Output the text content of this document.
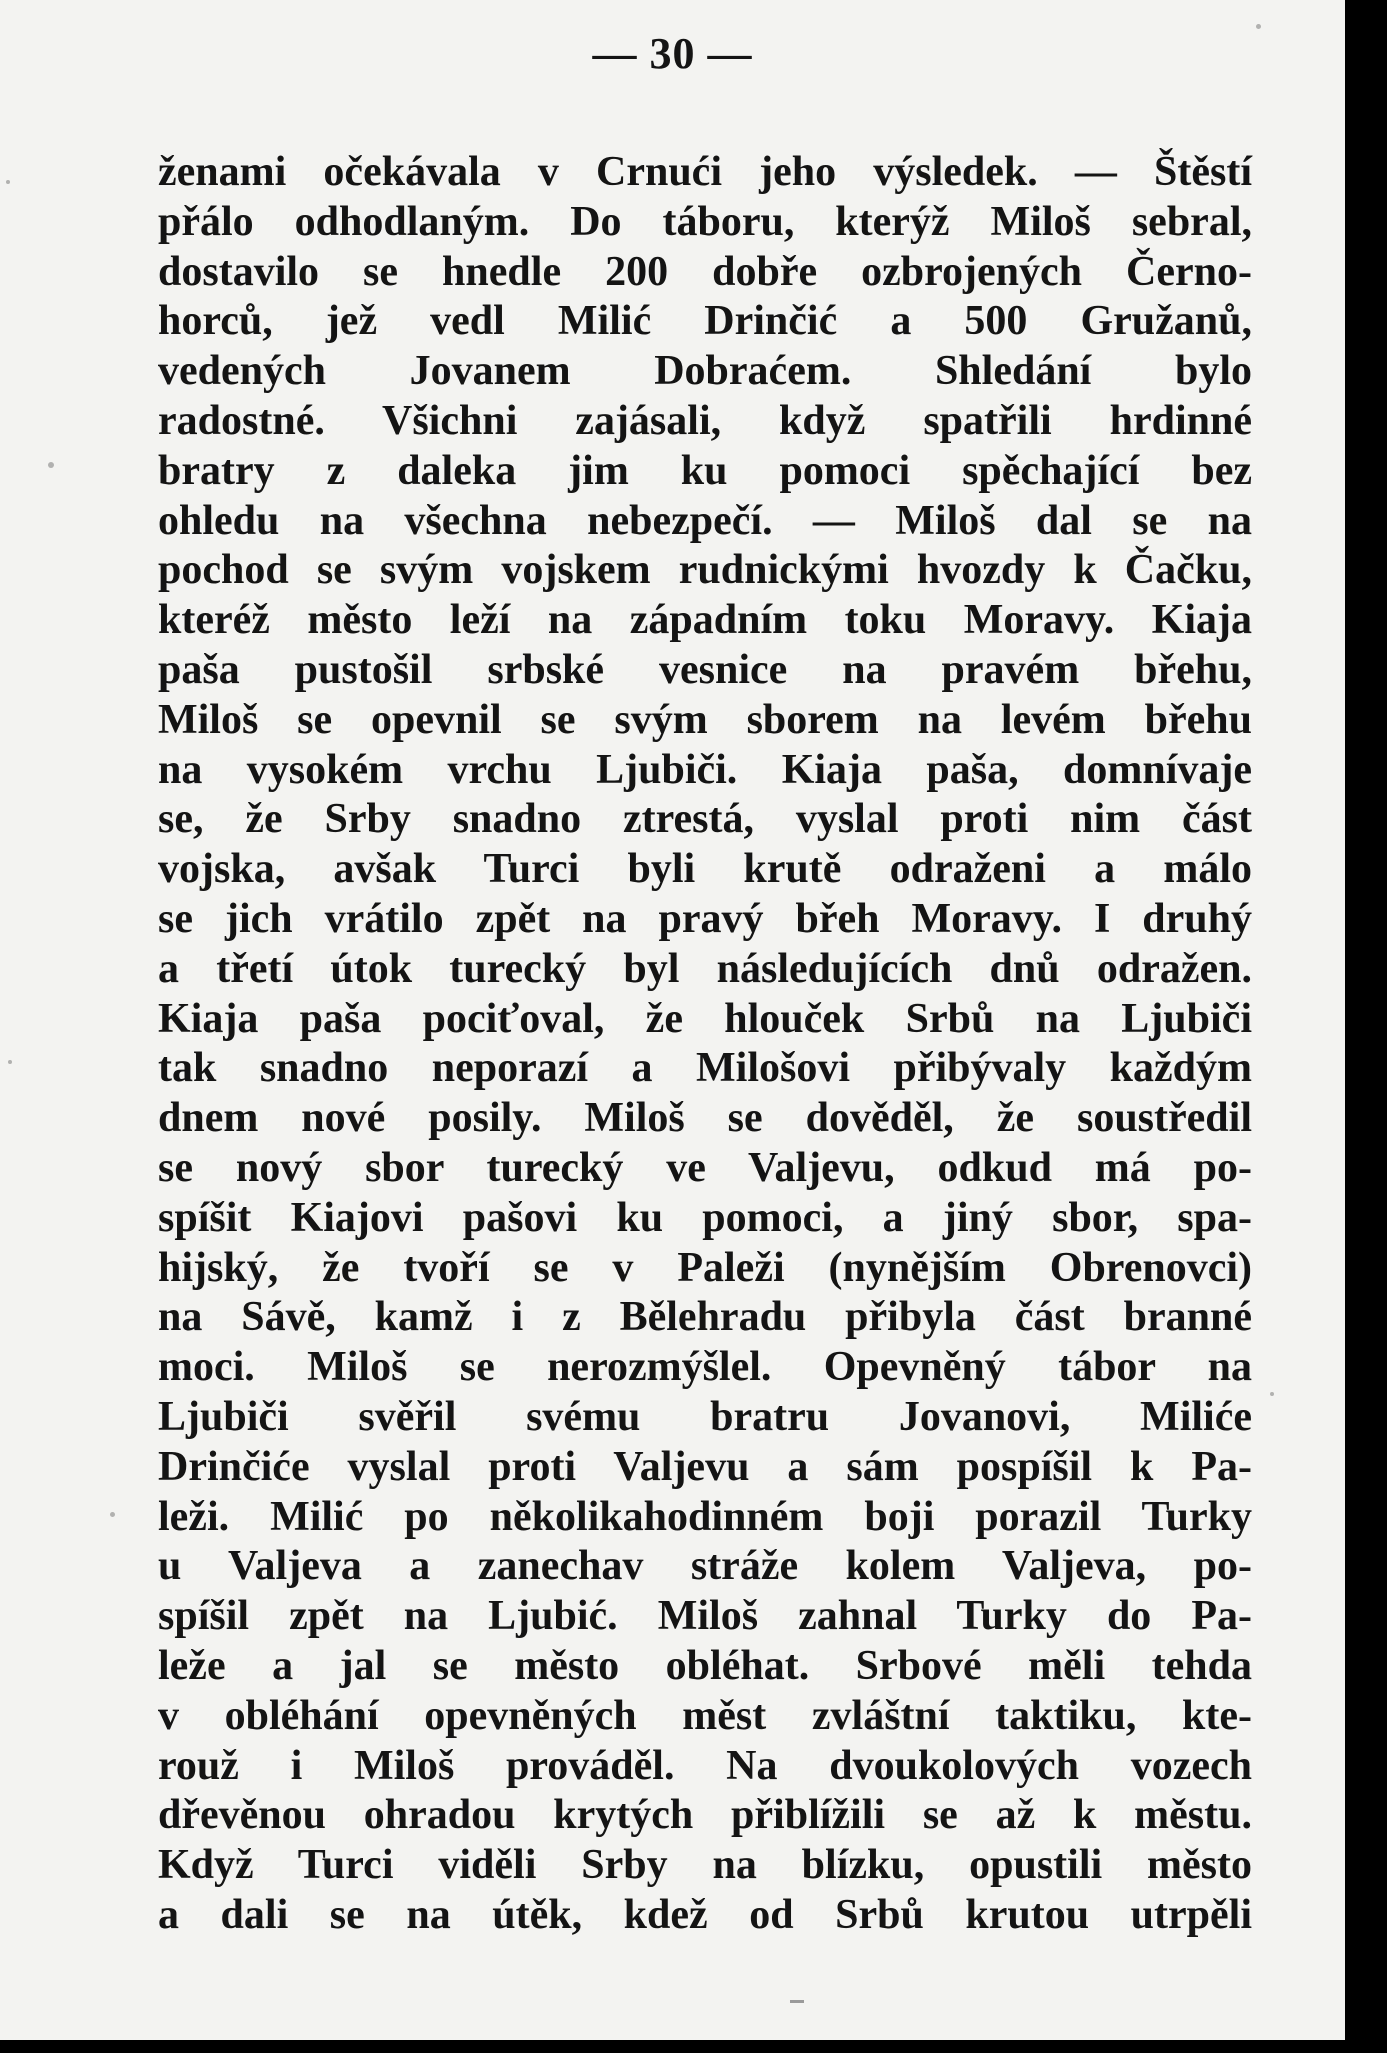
— 30 —
ženami očekávala v Crnući jeho výsledek. — Štěstí
přálo odhodlaným. Do táboru, kterýž Miloš sebral,
dostavilo se hnedle 200 dobře ozbrojených Černo-
horců, jež vedl Milić Drinčić a 500 Gružanů,
vedených Jovanem Dobraćem. Shledání bylo
radostné. Všichni zajásali, když spatřili hrdinné
bratry z daleka jim ku pomoci spěchající bez
ohledu na všechna nebezpečí. — Miloš dal se na
pochod se svým vojskem rudnickými hvozdy k Čačku,
kteréž město leží na západním toku Moravy. Kiaja
paša pustošil srbské vesnice na pravém břehu,
Miloš se opevnil se svým sborem na levém břehu
na vysokém vrchu Ljubiči. Kiaja paša, domnívaje
se, že Srby snadno ztrestá, vyslal proti nim část
vojska, avšak Turci byli krutě odraženi a málo
se jich vrátilo zpět na pravý břeh Moravy. I druhý
a třetí útok turecký byl následujících dnů odražen.
Kiaja paša pociťoval, že hlouček Srbů na Ljubiči
tak snadno neporazí a Milošovi přibývaly každým
dnem nové posily. Miloš se dověděl, že soustředil
se nový sbor turecký ve Valjevu, odkud má po-
spíšit Kiajovi pašovi ku pomoci, a jiný sbor, spa-
hijský, že tvoří se v Paleži (nynějším Obrenovci)
na Sávě, kamž i z Bělehradu přibyla část branné
moci. Miloš se nerozmýšlel. Opevněný tábor na
Ljubiči svěřil svému bratru Jovanovi, Miliće
Drinčiće vyslal proti Valjevu a sám pospíšil k Pa-
leži. Milić po několikahodinném boji porazil Turky
u Valjeva a zanechav stráže kolem Valjeva, po-
spíšil zpět na Ljubić. Miloš zahnal Turky do Pa-
leže a jal se město obléhat. Srbové měli tehda
v obléhání opevněných měst zvláštní taktiku, kte-
rouž i Miloš prováděl. Na dvoukolových vozech
dřevěnou ohradou krytých přiblížili se až k městu.
Když Turci viděli Srby na blízku, opustili město
a dali se na útěk, kdež od Srbů krutou utrpěli
